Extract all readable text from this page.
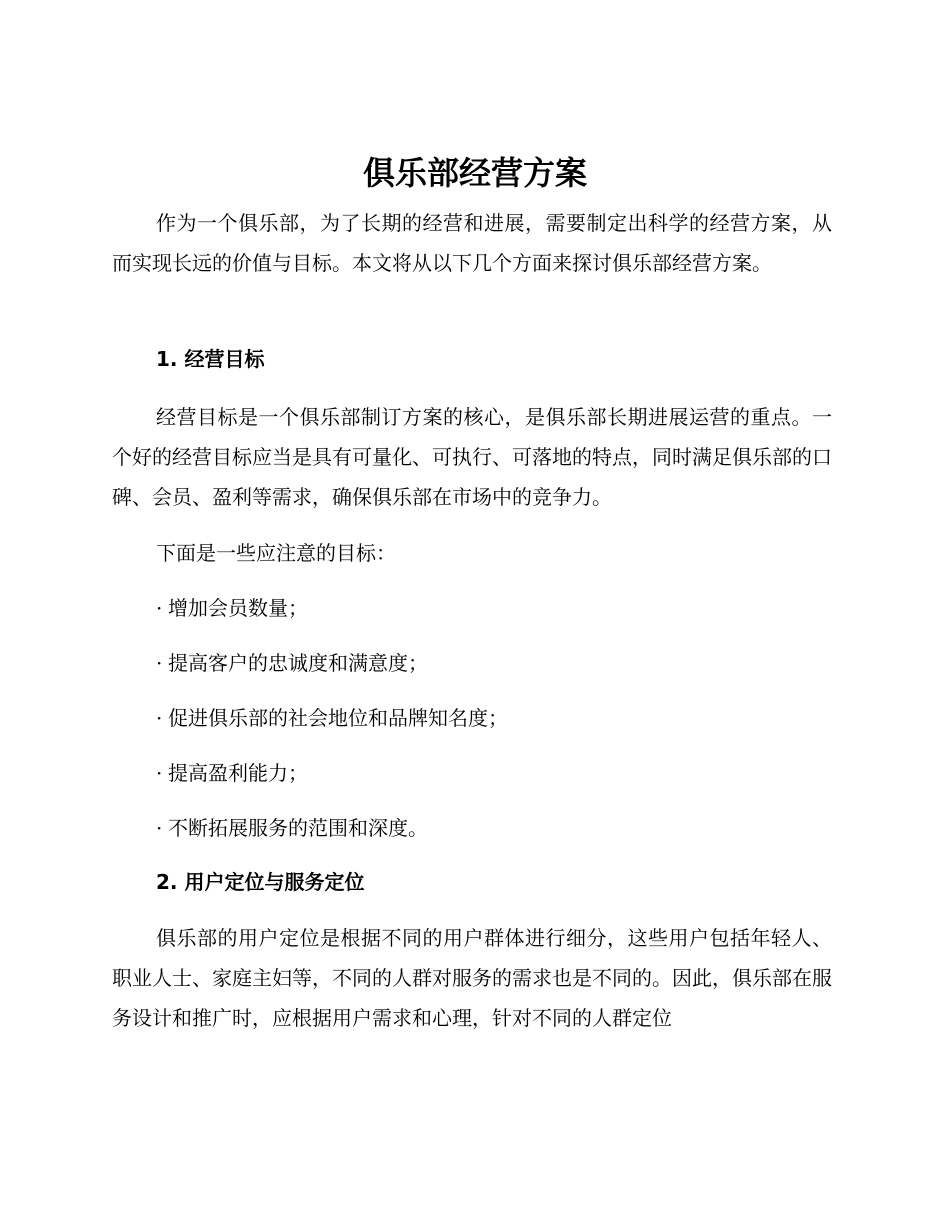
俱乐部经营方案

作为一个俱乐部，为了长期的经营和进展，需要制定出科学的经营方案，从而实现长远的价值与目标。本文将从以下几个方面来探讨俱乐部经营方案。

1. 经营目标

经营目标是一个俱乐部制订方案的核心，是俱乐部长期进展运营的重点。一个好的经营目标应当是具有可量化、可执行、可落地的特点，同时满足俱乐部的口碑、会员、盈利等需求，确保俱乐部在市场中的竞争力。

下面是一些应注意的目标：

· 增加会员数量；

· 提高客户的忠诚度和满意度；

· 促进俱乐部的社会地位和品牌知名度；

· 提高盈利能力；

· 不断拓展服务的范围和深度。

2. 用户定位与服务定位

俱乐部的用户定位是根据不同的用户群体进行细分，这些用户包括年轻人、职业人士、家庭主妇等，不同的人群对服务的需求也是不同的。因此，俱乐部在服务设计和推广时，应根据用户需求和心理，针对不同的人群定位
